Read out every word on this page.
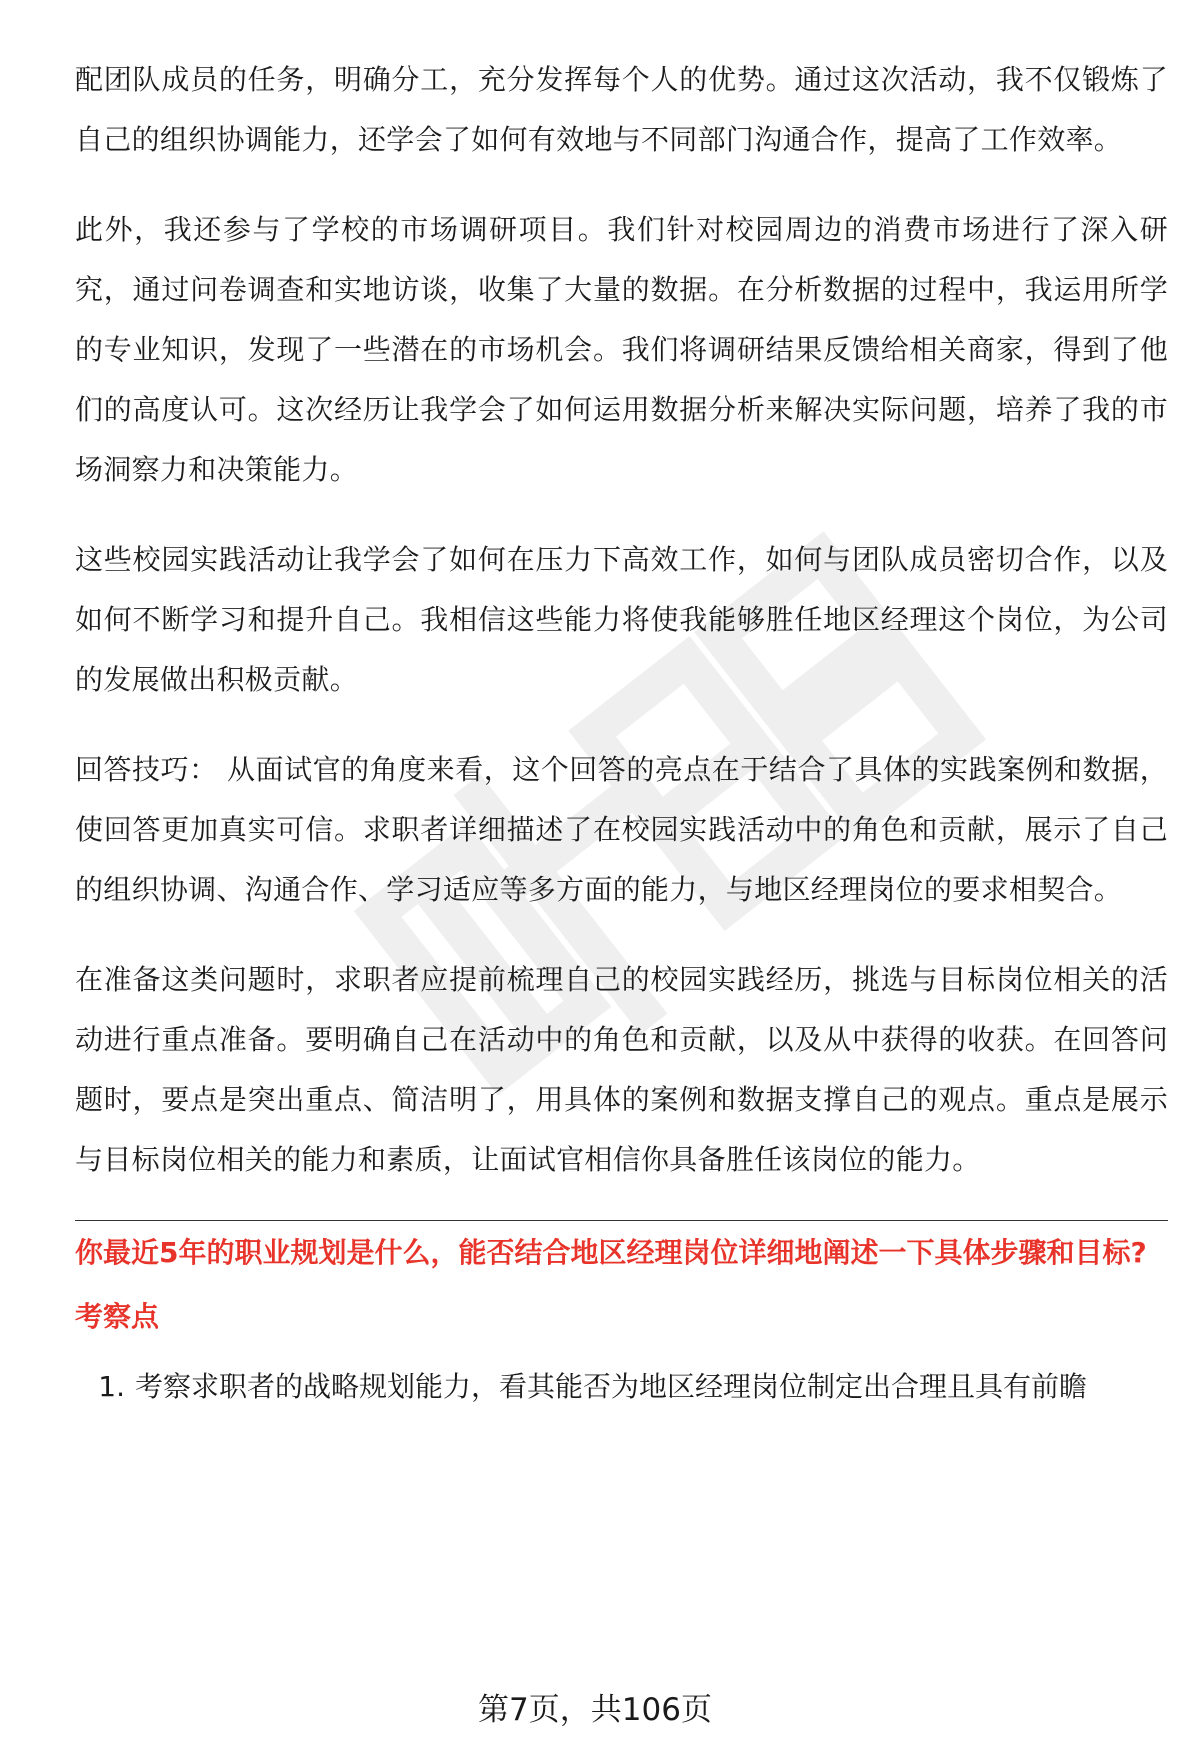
配团队成员的任务，明确分工，充分发挥每个人的优势。通过这次活动，我不仅锻炼了自己的组织协调能力，还学会了如何有效地与不同部门沟通合作，提高了工作效率。

此外，我还参与了学校的市场调研项目。我们针对校园周边的消费市场进行了深入研究，通过问卷调查和实地访谈，收集了大量的数据。在分析数据的过程中，我运用所学的专业知识，发现了一些潜在的市场机会。我们将调研结果反馈给相关商家，得到了他们的高度认可。这次经历让我学会了如何运用数据分析来解决实际问题，培养了我的市场洞察力和决策能力。

这些校园实践活动让我学会了如何在压力下高效工作，如何与团队成员密切合作，以及如何不断学习和提升自己。我相信这些能力将使我能够胜任地区经理这个岗位，为公司的发展做出积极贡献。

回答技巧： 从面试官的角度来看，这个回答的亮点在于结合了具体的实践案例和数据，使回答更加真实可信。求职者详细描述了在校园实践活动中的角色和贡献，展示了自己的组织协调、沟通合作、学习适应等多方面的能力，与地区经理岗位的要求相契合。

在准备这类问题时，求职者应提前梳理自己的校园实践经历，挑选与目标岗位相关的活动进行重点准备。要明确自己在活动中的角色和贡献，以及从中获得的收获。在回答问题时，要点是突出重点、简洁明了，用具体的案例和数据支撑自己的观点。重点是展示与目标岗位相关的能力和素质，让面试官相信你具备胜任该岗位的能力。

你最近5年的职业规划是什么，能否结合地区经理岗位详细地阐述一下具体步骤和目标?

考察点

1. 考察求职者的战略规划能力，看其能否为地区经理岗位制定出合理且具有前瞻
第7页，共106页
